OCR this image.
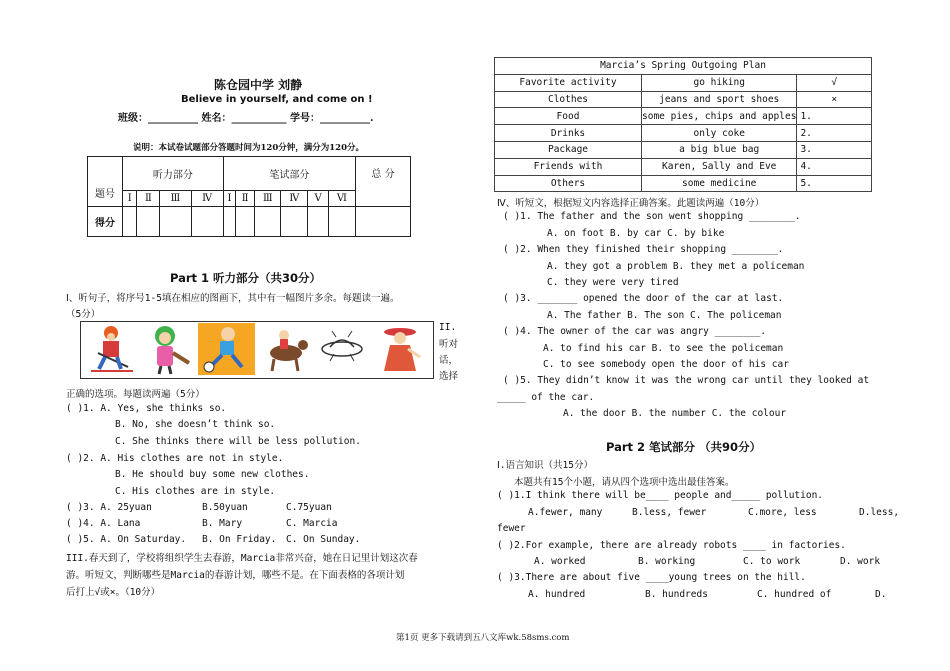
陈仓园中学 刘静
Believe in yourself, and come on !
班级：__________ 姓名：___________ 学号：__________.
说明：本试卷试题部分答题时间为120分钟，满分为120分。
题号	听力部分				笔试部分						总 分
	Ⅰ	Ⅱ	Ⅲ	Ⅳ	Ⅰ	Ⅱ	Ⅲ	Ⅳ	Ⅴ	Ⅵ	
得分											
Part 1 听力部分（共30分）
Ⅰ、听句子，将序号1-5填在相应的图画下，其中有一幅图片多余。每题读一遍。
（5分）
II.
听对
话，
选择
正确的选项。每题读两遍（5分）
( )1. A. Yes, she thinks so.
B. No, she doesn’t think so.
C. She thinks there will be less pollution.
( )2. A. His clothes are not in style.
B. He should buy some new clothes.
C. His clothes are in style.
( )3. A. 25yuan	B.50yuan	C.75yuan
( )4. A. Lana	B. Mary	C. Marcia
( )5. A. On Saturday. B. On Friday. C. On Sunday.
III.春天到了，学校将组织学生去春游，Marcia非常兴奋，她在日记里计划这次春
游。听短文，判断哪些是Marcia的春游计划，哪些不是。在下面表格的各项计划
后打上√或×。（10分）
Marcia’s Spring Outgoing Plan		
Favorite activity	go hiking	√
Clothes	jeans and sport shoes	×
Food	some pies, chips and apples	1.
Drinks	only coke	2.
Package	a big blue bag	3.
Friends with	Karen, Sally and Eve	4.
Others	some medicine	5.
Ⅳ、听短文，根据短文内容选择正确答案。此题读两遍（10分）
( )1. The father and the son went shopping ________.
A. on foot B. by car C. by bike
( )2. When they finished their shopping ________.
A. they got a problem B. they met a policeman
C. they were very tired
( )3. _______ opened the door of the car at last.
A. The father B. The son C. The policeman
( )4. The owner of the car was angry ________.
A. to find his car B. to see the policeman
C. to see somebody open the door of his car
( )5. They didn’t know it was the wrong car until they looked at
_____ of the car.
A. the door B. the number C. the colour
Part 2 笔试部分 （共90分）
Ⅰ.语言知识（共15分）
本题共有15个小题，请从四个选项中选出最佳答案。
( )1.I think there will be____ people and_____ pollution.
A.fewer, many	B.less, fewer	C.more, less	D.less,
fewer
( )2.For example, there are already robots ____ in factories.
A. worked	B. working	C. to work	D. work
( )3.There are about five ____young trees on the hill.
A. hundred	B. hundreds	C. hundred of	D.
第1页 更多下载请到五八文库wk.58sms.com
